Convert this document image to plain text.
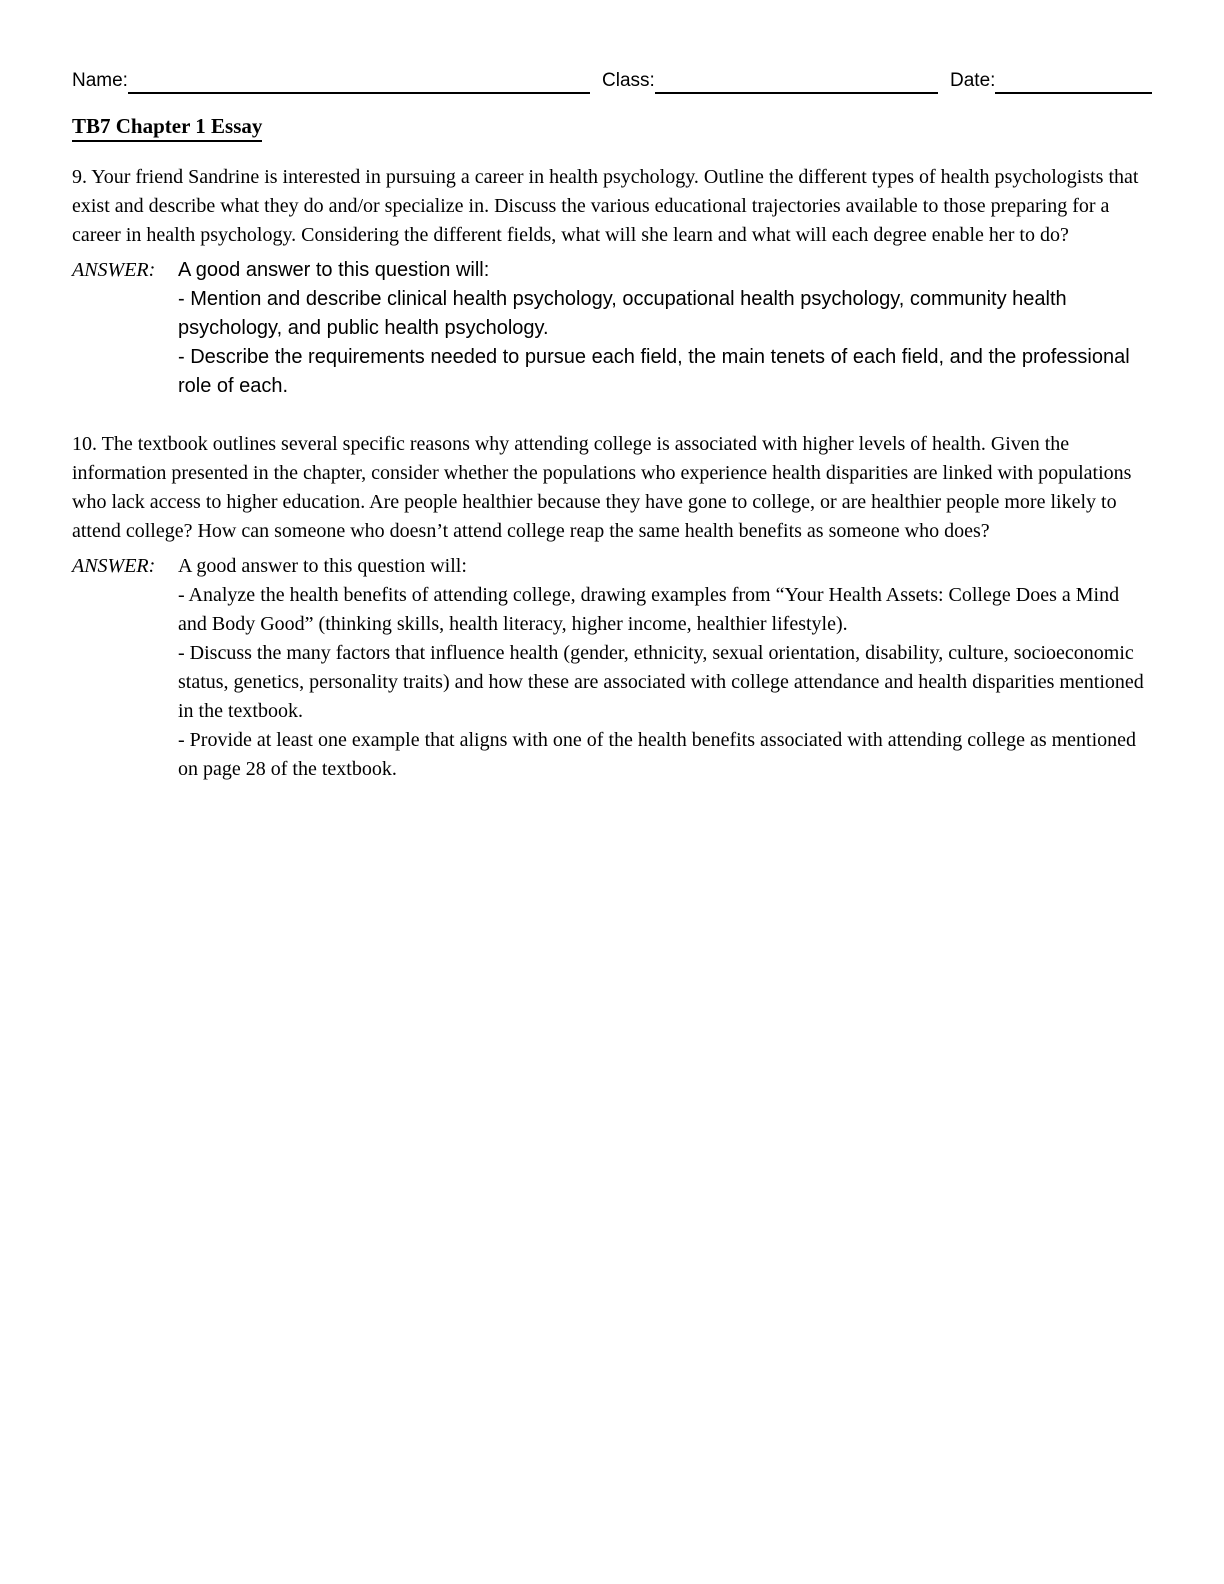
Name:	Class:	Date:
TB7 Chapter 1 Essay

9. Your friend Sandrine is interested in pursuing a career in health psychology. Outline the different types of health psychologists that exist and describe what they do and/or specialize in. Discuss the various educational trajectories available to those preparing for a career in health psychology. Considering the different fields, what will she learn and what will each degree enable her to do?

ANSWER:	A good answer to this question will:

- Mention and describe clinical health psychology, occupational health psychology, community health psychology, and public health psychology.

- Describe the requirements needed to pursue each field, the main tenets of each field, and the professional role of each.

10. The textbook outlines several specific reasons why attending college is associated with higher levels of health. Given the information presented in the chapter, consider whether the populations who experience health disparities are linked with populations who lack access to higher education. Are people healthier because they have gone to college, or are healthier people more likely to attend college? How can someone who doesn’t attend college reap the same health benefits as someone who does?

ANSWER:	A good answer to this question will:

- Analyze the health benefits of attending college, drawing examples from “Your Health Assets: College Does a Mind and Body Good” (thinking skills, health literacy, higher income, healthier lifestyle).

- Discuss the many factors that influence health (gender, ethnicity, sexual orientation, disability, culture, socioeconomic status, genetics, personality traits) and how these are associated with college attendance and health disparities mentioned in the textbook.

- Provide at least one example that aligns with one of the health benefits associated with attending college as mentioned on page 28 of the textbook.
